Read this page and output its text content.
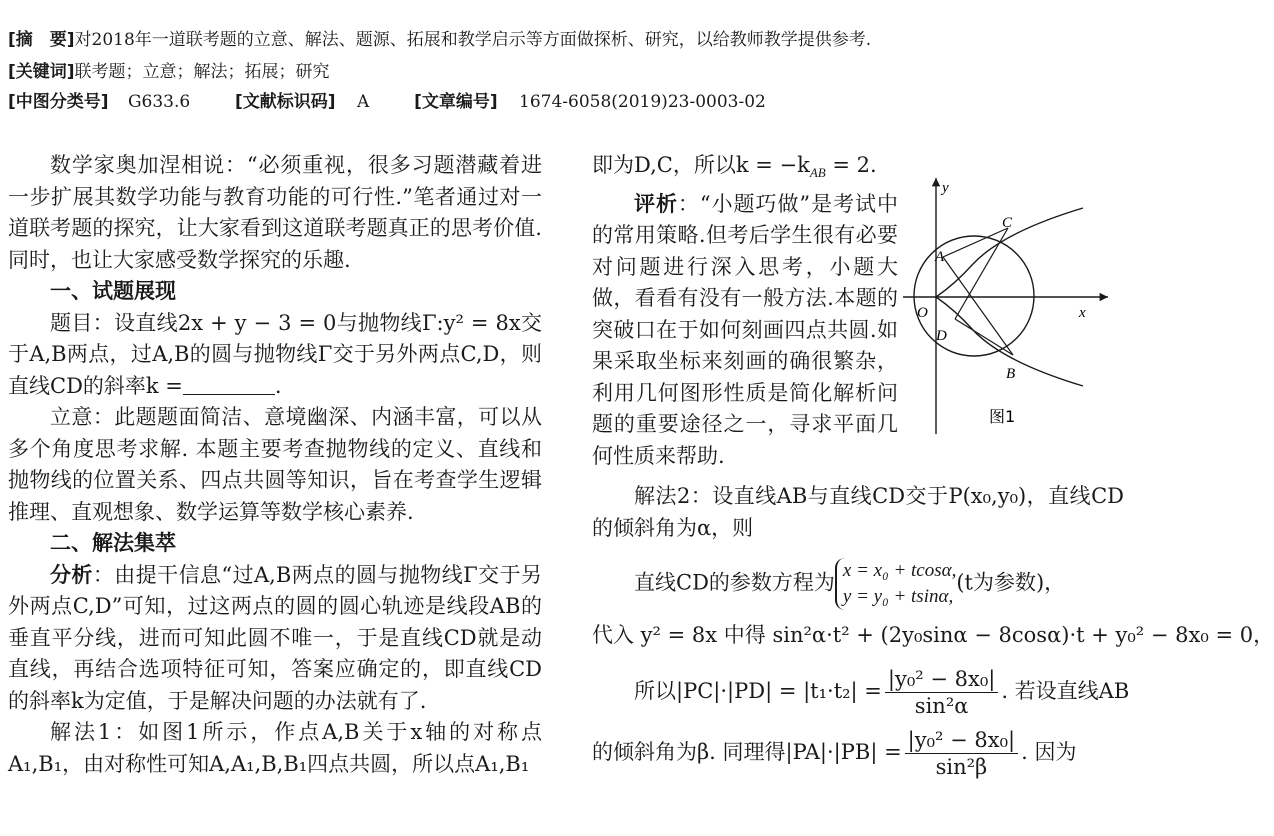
[摘　要]对2018年一道联考题的立意、解法、题源、拓展和教学启示等方面做探析、研究，以给教师教学提供参考.
[关键词]联考题；立意；解法；拓展；研究
[中图分类号] G633.6	[文献标识码] A	[文章编号] 1674-6058(2019)23-0003-02

数学家奥加涅相说：“必须重视，很多习题潜藏着进一步扩展其数学功能与教育功能的可行性.”笔者通过对一道联考题的探究，让大家看到这道联考题真正的思考价值.同时，也让大家感受数学探究的乐趣.

一、试题展现

题目：设直线2x + y − 3 = 0与抛物线Γ:y² = 8x交于A,B两点，过A,B的圆与抛物线Γ交于另外两点C,D，则直线CD的斜率k =	.

立意：此题题面简洁、意境幽深、内涵丰富，可以从多个角度思考求解. 本题主要考查抛物线的定义、直线和抛物线的位置关系、四点共圆等知识，旨在考查学生逻辑推理、直观想象、数学运算等数学核心素养.

二、解法集萃

分析：由提干信息“过A,B两点的圆与抛物线Γ交于另外两点C,D”可知，过这两点的圆的圆心轨迹是线段AB的垂直平分线，进而可知此圆不唯一，于是直线CD就是动直线，再结合选项特征可知，答案应确定的，即直线CD的斜率k为定值，于是解决问题的办法就有了.

解法1：如图1所示，作点A,B关于x轴的对称点A₁,B₁，由对称性可知A,A₁,B,B₁四点共圆，所以点A₁,B₁

即为D,C，所以$k = -k_{AB} = 2$.

评析：“小题巧做”是考试中的常用策略.但考后学生很有必要对问题进行深入思考，小题大做，看看有没有一般方法.本题的突破口在于如何刻画四点共圆.如果采取坐标来刻画的确很繁杂，利用几何图形性质是简化解析问题的重要途径之一，寻求平面几何性质来帮助.

y
x
O
A
C
D
B
图1

解法2：设直线AB与直线CD交于P(x₀,y₀)，直线CD的倾斜角为α，则

直线CD的参数方程为 x = x₀ + tcosα,
y = y₀ + tsinα,
(t为参数)，

代入 y² = 8x 中得 sin²α·t² + (2y₀sinα − 8cosα)·t + y₀² − 8x₀ = 0，

所以$|PC|\cdot|PD| = |t_1\cdot t_2| = \frac{\text{|y₀² − 8x₀|}}{\text{sin²α}}$ . 若设直线AB

的倾斜角为β. 同理得$|PA|\cdot|PB| = \frac{\text{|y₀² − 8x₀|}}{\text{sin²β}}$ . 因为
